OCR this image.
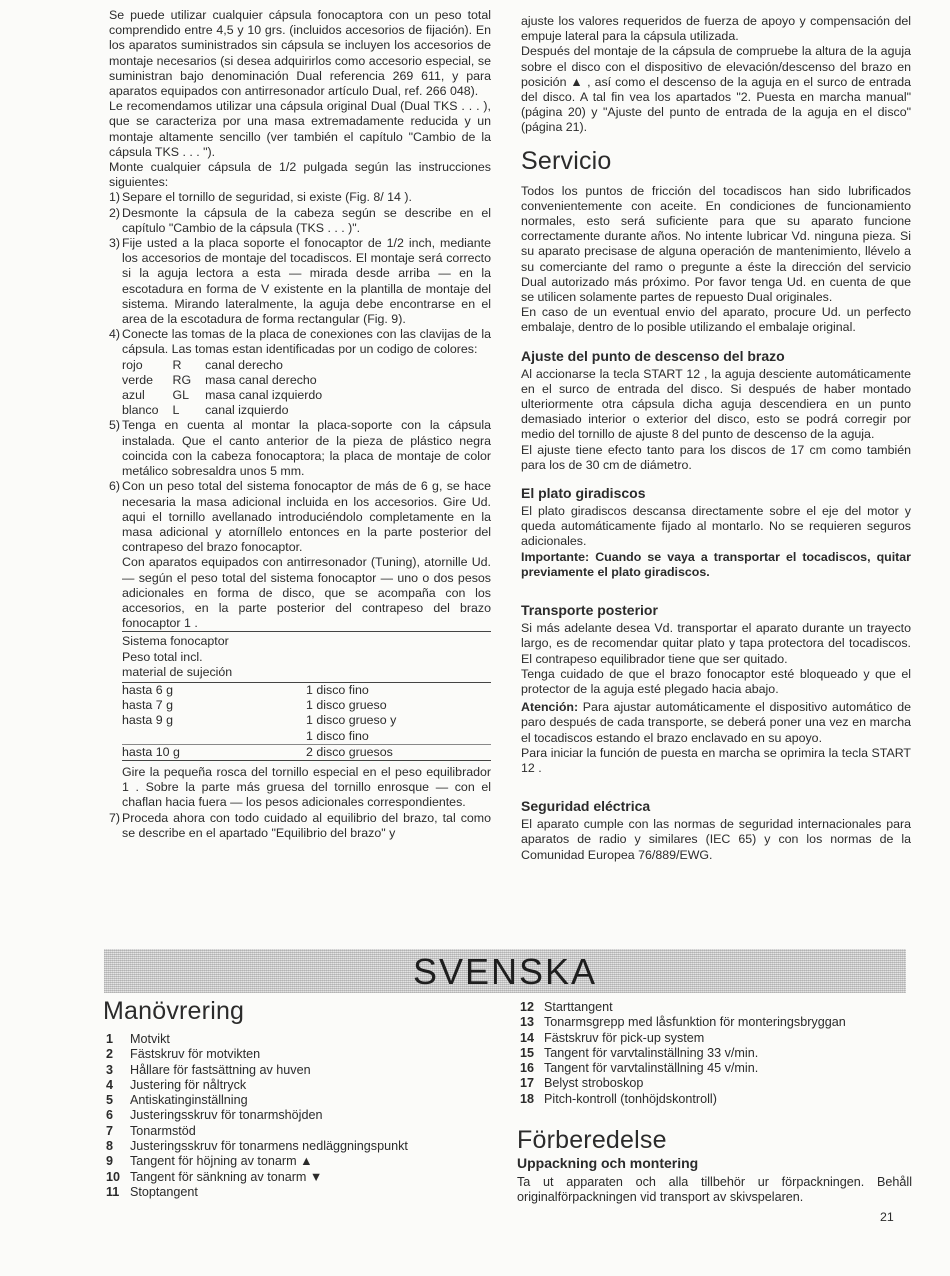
Se puede utilizar cualquier cápsula fonocaptora con un peso total comprendido entre 4,5 y 10 grs. (incluidos accesorios de fijación). En los aparatos suministrados sin cápsula se incluyen los accesorios de montaje necesarios (si desea adquirirlos como accesorio especial, se suministran bajo denominación Dual referencia 269 611, y para aparatos equipados con antirresonador artículo Dual, ref. 266 048).

Le recomendamos utilizar una cápsula original Dual (Dual TKS . . . ), que se caracteriza por una masa extremadamente reducida y un montaje altamente sencillo (ver también el capítulo "Cambio de la cápsula TKS . . . ").

Monte cualquier cápsula de 1/2 pulgada según las instrucciones siguientes:

1) Separe el tornillo de seguridad, si existe (Fig. 8/ 14 ).
2) Desmonte la cápsula de la cabeza según se describe en el capítulo "Cambio de la cápsula (TKS . . . )".
3) Fije usted a la placa soporte el fonocaptor de 1/2 inch, mediante los accesorios de montaje del tocadiscos. El montaje será correcto si la aguja lectora a esta — mirada desde arriba — en la escotadura en forma de V existente en la plantilla de montaje del sistema. Mirando lateralmente, la aguja debe encontrarse en el area de la escotadura de forma rectangular (Fig. 9).
4) Conecte las tomas de la placa de conexiones con las clavijas de la cápsula. Las tomas estan identificadas por un codigo de colores:
rojo	R	canal derecho
verde	RG	masa canal derecho
azul	GL	masa canal izquierdo
blanco	L	canal izquierdo
5) Tenga en cuenta al montar la placa-soporte con la cápsula instalada. Que el canto anterior de la pieza de plástico negra coincida con la cabeza fonocaptora; la placa de montaje de color metálico sobresaldra unos 5 mm.
6) Con un peso total del sistema fonocaptor de más de 6 g, se hace necesaria la masa adicional incluida en los accesorios. Gire Ud. aqui el tornillo avellanado introduciéndolo completamente en la masa adicional y atorníllelo entonces en la parte posterior del contrapeso del brazo fonocaptor.
Con aparatos equipados con antirresonador (Tuning), atornille Ud. — según el peso total del sistema fonocaptor — uno o dos pesos adicionales en forma de disco, que se acompaña con los accesorios, en la parte posterior del contrapeso del brazo fonocaptor 1 .
Sistema fonocaptor
Peso total incl.
material de sujeción
hasta 6 g	1 disco fino
hasta 7 g	1 disco grueso
hasta 9 g	1 disco grueso y
1 disco fino

hasta 10 g	2 disco gruesos

Gire la pequeña rosca del tornillo especial en el peso equilibrador 1 . Sobre la parte más gruesa del tornillo enrosque — con el chaflan hacia fuera — los pesos adicionales correspondientes.

7) Proceda ahora con todo cuidado al equilibrio del brazo, tal como se describe en el apartado "Equilibrio del brazo" y

ajuste los valores requeridos de fuerza de apoyo y compensación del empuje lateral para la cápsula utilizada.

Después del montaje de la cápsula de compruebe la altura de la aguja sobre el disco con el dispositivo de elevación/descenso del brazo en posición ▲ , así como el descenso de la aguja en el surco de entrada del disco. A tal fin vea los apartados "2. Puesta en marcha manual" (página 20) y "Ajuste del punto de entrada de la aguja en el disco" (página 21).

Servicio

Todos los puntos de fricción del tocadiscos han sido lubrificados convenientemente con aceite. En condiciones de funcionamiento normales, esto será suficiente para que su aparato funcione correctamente durante años. No intente lubricar Vd. ninguna pieza. Si su aparato precisase de alguna operación de mantenimiento, llévelo a su comerciante del ramo o pregunte a éste la dirección del servicio Dual autorizado más próximo. Por favor tenga Ud. en cuenta de que se utilicen solamente partes de repuesto Dual originales.

En caso de un eventual envio del aparato, procure Ud. un perfecto embalaje, dentro de lo posible utilizando el embalaje original.

Ajuste del punto de descenso del brazo

Al accionarse la tecla START 12 , la aguja desciente automáticamente en el surco de entrada del disco. Si después de haber montado ulteriormente otra cápsula dicha aguja descendiera en un punto demasiado interior o exterior del disco, esto se podrá corregir por medio del tornillo de ajuste 8 del punto de descenso de la aguja.

El ajuste tiene efecto tanto para los discos de 17 cm como también para los de 30 cm de diámetro.

El plato giradiscos

El plato giradiscos descansa directamente sobre el eje del motor y queda automáticamente fijado al montarlo. No se requieren seguros adicionales.

Importante: Cuando se vaya a transportar el tocadiscos, quitar previamente el plato giradiscos.

Transporte posterior

Si más adelante desea Vd. transportar el aparato durante un trayecto largo, es de recomendar quitar plato y tapa protectora del tocadiscos. El contrapeso equilibrador tiene que ser quitado.

Tenga cuidado de que el brazo fonocaptor esté bloqueado y que el protector de la aguja esté plegado hacia abajo.

Atención: Para ajustar automáticamente el dispositivo automático de paro después de cada transporte, se deberá poner una vez en marcha el tocadiscos estando el brazo enclavado en su apoyo.

Para iniciar la función de puesta en marcha se oprimira la tecla START 12 .

Seguridad eléctrica

El aparato cumple con las normas de seguridad internacionales para aparatos de radio y similares (IEC 65) y con los normas de la Comunidad Europea 76/889/EWG.

SVENSKA
Manövrering
1	Motvikt
2	Fästskruv för motvikten
3	Hållare för fastsättning av huven
4	Justering för nåltryck
5	Antiskatinginställning
6	Justeringsskruv för tonarmshöjden
7	Tonarmstöd
8	Justeringsskruv för tonarmens nedläggningspunkt
9	Tangent för höjning av tonarm ▲
10 Tangent för sänkning av tonarm ▼
11 Stoptangent
12 Starttangent
13 Tonarmsgrepp med låsfunktion för monteringsbryggan
14 Fästskruv för pick-up system
15 Tangent för varvtalinställning 33 v/min.
16 Tangent för varvtalinställning 45 v/min.
17 Belyst stroboskop
18 Pitch-kontroll (tonhöjdskontroll)
Förberedelse
Uppackning och montering

Ta ut apparaten och alla tillbehör ur förpackningen. Behåll originalförpackningen vid transport av skivspelaren.

21
